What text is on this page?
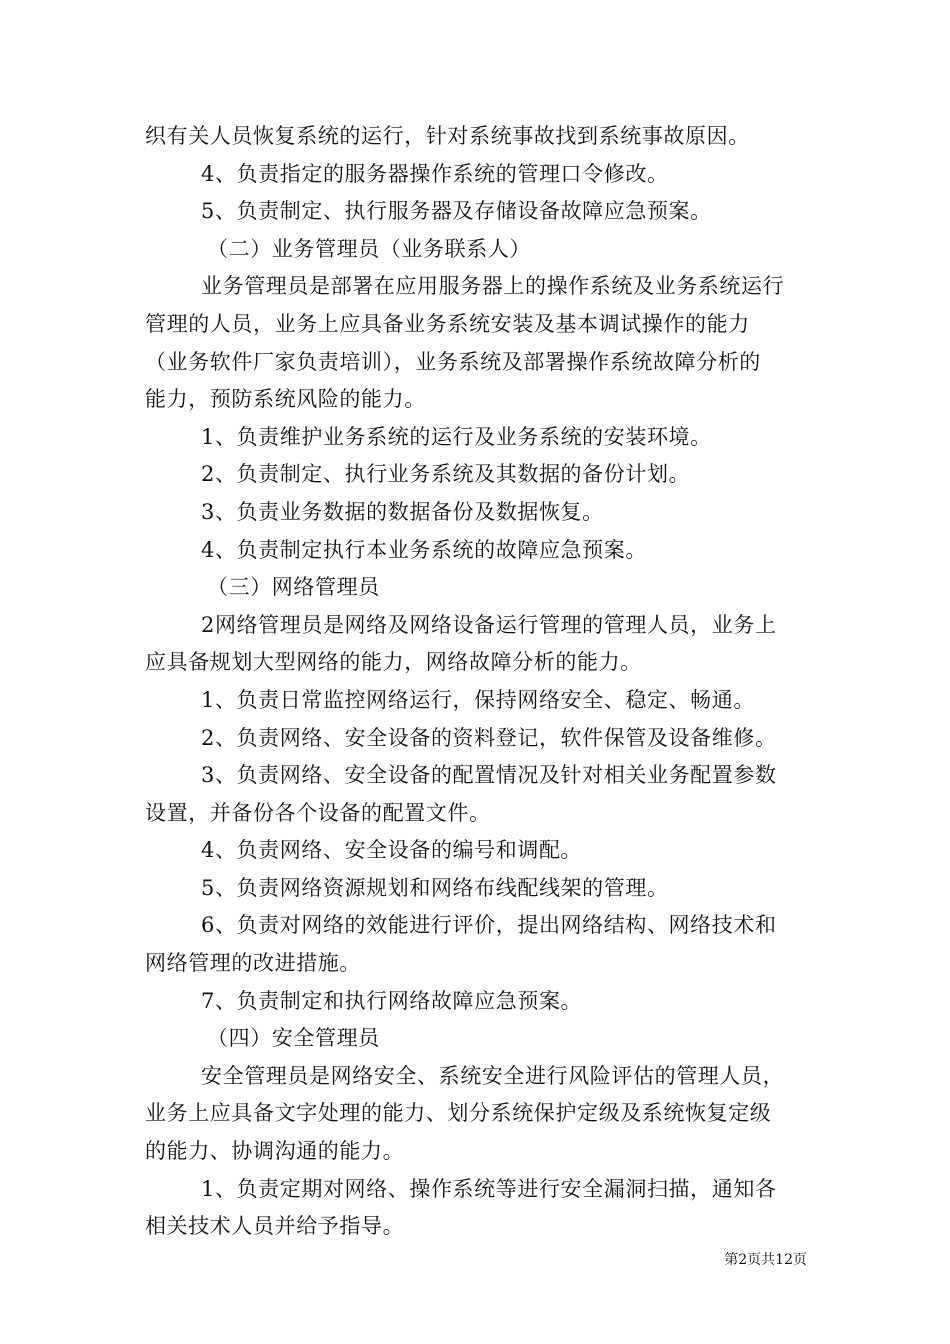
织有关人员恢复系统的运行，针对系统事故找到系统事故原因。
4、负责指定的服务器操作系统的管理口令修改。
5、负责制定、执行服务器及存储设备故障应急预案。
（二）业务管理员（业务联系人）
业务管理员是部署在应用服务器上的操作系统及业务系统运行
管理的人员，业务上应具备业务系统安装及基本调试操作的能力
（业务软件厂家负责培训），业务系统及部署操作系统故障分析的
能力，预防系统风险的能力。
1、负责维护业务系统的运行及业务系统的安装环境。
2、负责制定、执行业务系统及其数据的备份计划。
3、负责业务数据的数据备份及数据恢复。
4、负责制定执行本业务系统的故障应急预案。
（三）网络管理员
2网络管理员是网络及网络设备运行管理的管理人员，业务上
应具备规划大型网络的能力，网络故障分析的能力。
1、负责日常监控网络运行，保持网络安全、稳定、畅通。
2、负责网络、安全设备的资料登记，软件保管及设备维修。
3、负责网络、安全设备的配置情况及针对相关业务配置参数
设置，并备份各个设备的配置文件。
4、负责网络、安全设备的编号和调配。
5、负责网络资源规划和网络布线配线架的管理。
6、负责对网络的效能进行评价，提出网络结构、网络技术和
网络管理的改进措施。
7、负责制定和执行网络故障应急预案。
（四）安全管理员
安全管理员是网络安全、系统安全进行风险评估的管理人员，
业务上应具备文字处理的能力、划分系统保护定级及系统恢复定级
的能力、协调沟通的能力。
1、负责定期对网络、操作系统等进行安全漏洞扫描，通知各
相关技术人员并给予指导。
第2页共12页
